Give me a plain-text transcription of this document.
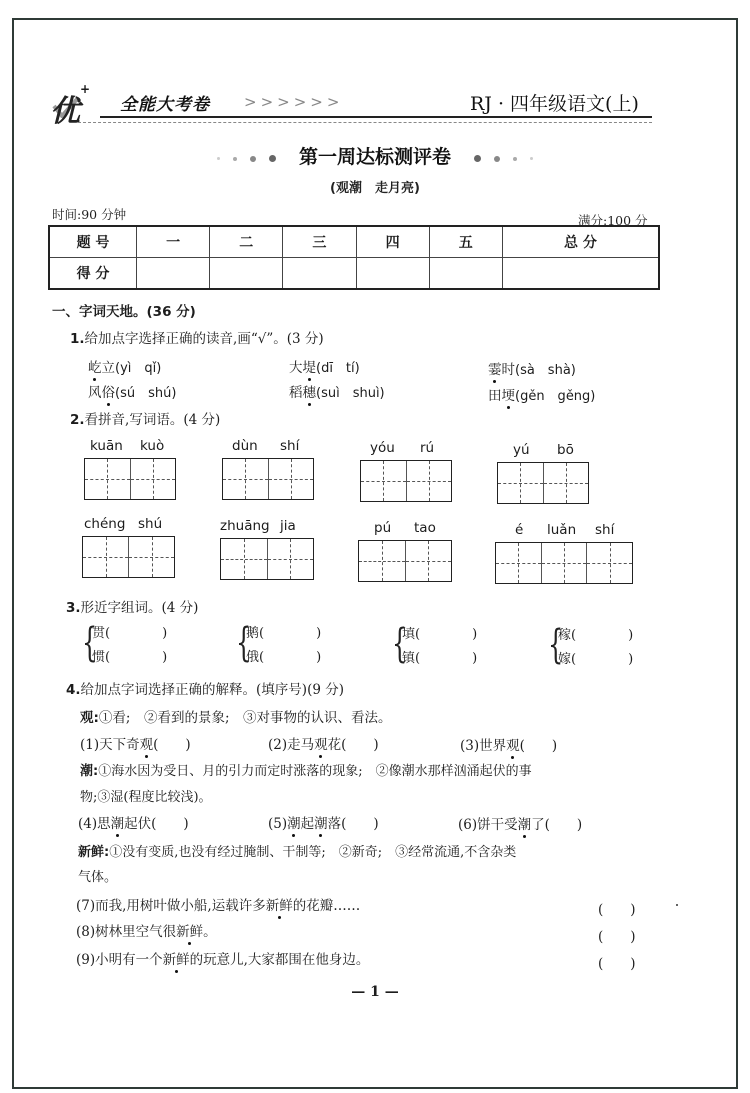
优
+
全能大考卷 >>>>>>	RJ · 四年级语文(上)
第一周达标测评卷
(观潮　走月亮)
时间:90 分钟	满分:100 分
题 号	一	二	三	四	五	总 分
得 分						
一、字词天地。(36 分)
1.给加点字选择正确的读音,画“√”。(3 分)
屹立(yì　qǐ)	大堤(dī　tí)	霎时(sà　shà)
风俗(sú　shú)	稻穗(suì　shuì)	田埂(gěn　gěng)
2.看拼音,写词语。(4 分)
kuān kuò	dùn shí	yóu rú	yú bō
chéng shú	zhuāng jia	pú tao	é luǎn shí
3.形近字组词。(4 分)
{
贯(　　　　)
惯(　　　　) {
鹅(　　　　)
俄(　　　　) {
填(　　　　)
镇(　　　　) {
稼(　　　　)
嫁(　　　　)
4.给加点字词选择正确的解释。(填序号)(9 分)
观:①看;　②看到的景象;　③对事物的认识、看法。
(1)天下奇观(　　)	(2)走马观花(　　)	(3)世界观(　　)
潮:①海水因为受日、月的引力而定时涨落的现象;　②像潮水那样汹涌起伏的事
物;③湿(程度比较浅)。
(4)思潮起伏(　　)	(5)潮起潮落(　　)	(6)饼干受潮了(　　)
新鲜:①没有变质,也没有经过腌制、干制等;　②新奇;　③经常流通,不含杂类
气体。
(7)而我,用树叶做小船,运载许多新鲜的花瓣……	(　　)
(8)树林里空气很新鲜。	(　　)
(9)小明有一个新鲜的玩意儿,大家都围在他身边。	(　　)
— 1 —
